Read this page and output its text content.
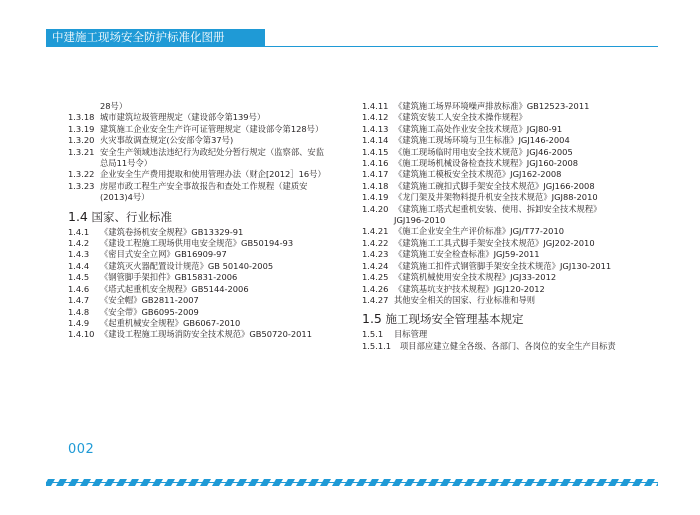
中建施工现场安全防护标准化图册
28号）
1.3.18 城市建筑垃圾管理规定（建设部令第139号）
1.3.19 建筑施工企业安全生产许可证管理规定（建设部令第128号）
1.3.20 火灾事故调查规定(公安部令第37号)
1.3.21 安全生产领域违法违纪行为政纪处分暂行规定（监察部、安监总局11号令）
1.3.22 企业安全生产费用提取和使用管理办法（财企[2012］16号）
1.3.23 房屋市政工程生产安全事故报告和查处工作规程（建质安(2013)4号）
1.4 国家、行业标准
1.4.1 《建筑卷扬机安全规程》GB13329-91
1.4.2 《建设工程施工现场供用电安全规范》GB50194-93
1.4.3 《密目式安全立网》GB16909-97
1.4.4 《建筑灭火器配置设计规范》GB 50140-2005
1.4.5 《钢管脚手架扣件》GB15831-2006
1.4.6 《塔式起重机安全规程》GB5144-2006
1.4.7 《安全帽》GB2811-2007
1.4.8 《安全带》GB6095-2009
1.4.9 《起重机械安全规程》GB6067-2010
1.4.10 《建设工程施工现场消防安全技术规范》GB50720-2011
1.4.11 《建筑施工场界环境噪声排放标准》GB12523-2011
1.4.12 《建筑安装工人安全技术操作规程》
1.4.13 《建筑施工高处作业安全技术规范》JGJ80-91
1.4.14 《建筑施工现场环境与卫生标准》JGJ146-2004
1.4.15 《施工现场临时用电安全技术规范》JGJ46-2005
1.4.16 《施工现场机械设备检查技术规程》JGJ160-2008
1.4.17 《建筑施工模板安全技术规范》JGJ162-2008
1.4.18 《建筑施工碗扣式脚手架安全技术规范》JGJ166-2008
1.4.19 《龙门架及井架物料提升机安全技术规范》JGJ88-2010
1.4.20 《建筑施工塔式起重机安装、使用、拆卸安全技术规程》JGJ196-2010
1.4.21 《施工企业安全生产评价标准》JGJ/T77-2010
1.4.22 《建筑施工工具式脚手架安全技术规范》JGJ202-2010
1.4.23 《建筑施工安全检查标准》JGJ59-2011
1.4.24 《建筑施工扣件式钢管脚手架安全技术规范》JGJ130-2011
1.4.25 《建筑机械使用安全技术规程》JGJ33-2012
1.4.26 《建筑基坑支护技术规程》JGJ120-2012
1.4.27 其他安全相关的国家、行业标准和导则
1.5 施工现场安全管理基本规定
1.5.1 目标管理
1.5.1.1 项目部应建立健全各级、各部门、各岗位的安全生产目标责
002
